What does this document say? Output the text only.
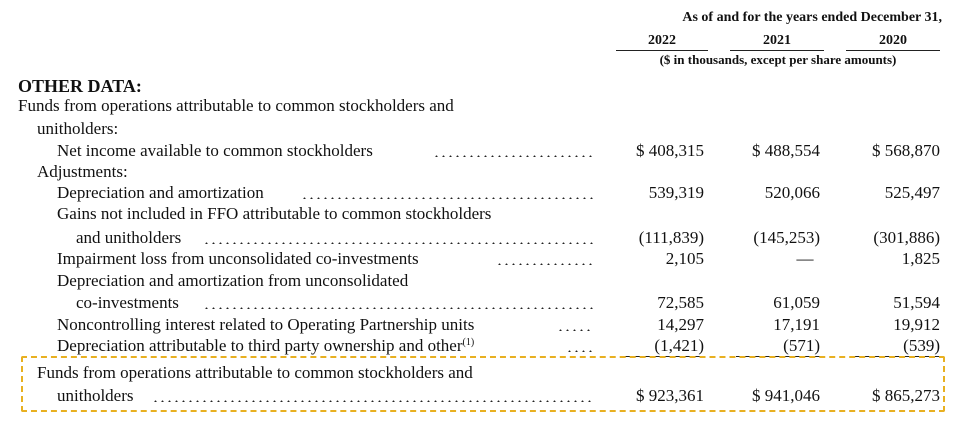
As of and for the years ended December 31,
2022	2021	2020
($ in thousands, except per share amounts)
OTHER DATA:
Funds from operations attributable to common stockholders and
unitholders:
Net income available to common stockholders	$ 408,315	$ 488,554	$ 568,870
Adjustments:
Depreciation and amortization	539,319	520,066	525,497
Gains not included in FFO attributable to common stockholders
and unitholders	(111,839)	(145,253)	(301,886)
Impairment loss from unconsolidated co-investments	2,105	—	1,825
Depreciation and amortization from unconsolidated
co-investments	72,585	61,059	51,594
Noncontrolling interest related to Operating Partnership units	14,297	17,191	19,912
Depreciation attributable to third party ownership and other$^{(1)}$	(1,421)	(571)	(539)
Funds from operations attributable to common stockholders and
unitholders	$ 923,361	$ 941,046	$ 865,273
